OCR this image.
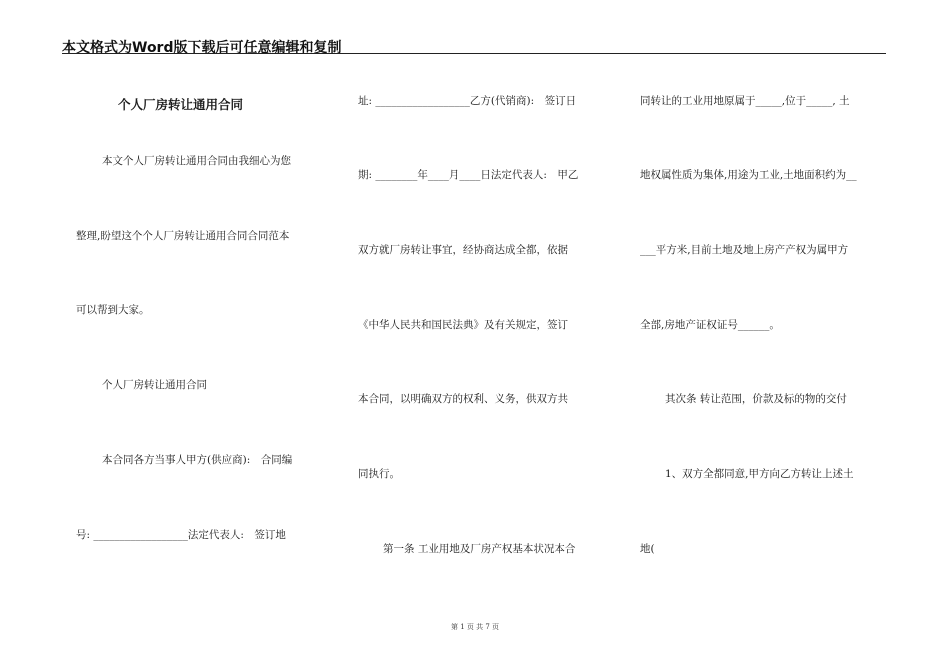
本文格式为Word版下载后可任意编辑和复制
个人厂房转让通用合同
本文个人厂房转让通用合同由我细心为您
整理,盼望这个个人厂房转让通用合同合同范本
可以帮到大家。
个人厂房转让通用合同
本合同各方当事人甲方(供应商):　合同编
号: __________________法定代表人:　签订地
址: __________________乙方(代销商):　签订日
期: ________年____月____日法定代表人:　甲乙
双方就厂房转让事宜，经协商达成全都，依据
《中华人民共和国民法典》及有关规定，签订
本合同，以明确双方的权利、义务，供双方共
同执行。
第一条 工业用地及厂房产权基本状况本合
同转让的工业用地原属于_____,位于_____, 土
地权属性质为集体,用途为工业,土地面积约为__
___平方米,目前土地及地上房产产权为属甲方
全部,房地产证权证号______。
其次条 转让范围，价款及标的物的交付
1、双方全都同意,甲方向乙方转让上述土
地(
第 1 页 共 7 页
